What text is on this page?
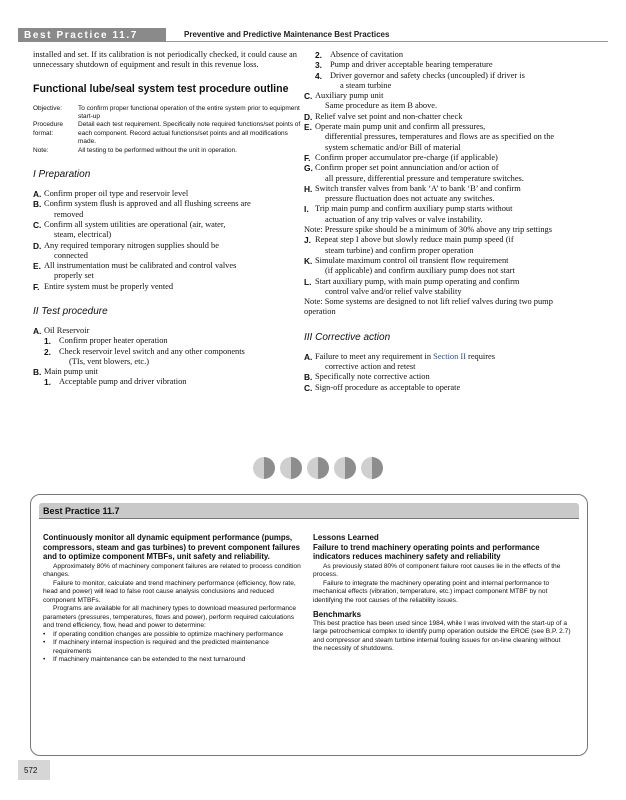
Best Practice 11.7	Preventive and Predictive Maintenance Best Practices

installed and set. If its calibration is not periodically checked, it could cause an unnecessary shutdown of equipment and result in this revenue loss.

Functional lube/seal system test procedure outline
Objective:	To confirm proper functional operation of the entire system prior to equipment start-up
Procedure format:
Detail each test requirement. Specifically note required functions/set points of each component. Record actual functions/set points and all modifications made.
Note:	All testing to be performed without the unit in operation.
I Preparation
A. Confirm proper oil type and reservoir level
B. Confirm system flush is approved and all flushing screens are
removed
C. Confirm all system utilities are operational (air, water,
steam, electrical)
D. Any required temporary nitrogen supplies should be
connected
E. All instrumentation must be calibrated and control valves
properly set
F. Entire system must be properly vented
II Test procedure
A. Oil Reservoir
1. Confirm proper heater operation
2. Check reservoir level switch and any other components
(TIs, vent blowers, etc.)
B. Main pump unit
1. Acceptable pump and driver vibration
2. Absence of cavitation
3. Pump and driver acceptable bearing temperature
4. Driver governor and safety checks (uncoupled) if driver is
a steam turbine
C. Auxiliary pump unit
Same procedure as item B above.
D. Relief valve set point and non-chatter check
E. Operate main pump unit and confirm all pressures,
differential pressures, temperatures and flows are as specified on the system schematic and/or Bill of material
F. Confirm proper accumulator pre-charge (if applicable)
G. Confirm proper set point annunciation and/or action of
all pressure, differential pressure and temperature switches.
H. Switch transfer valves from bank ‘A’ to bank ‘B’ and confirm
pressure fluctuation does not actuate any switches.
I. Trip main pump and confirm auxiliary pump starts without
actuation of any trip valves or valve instability.

Note: Pressure spike should be a minimum of 30% above any trip settings

J. Repeat step I above but slowly reduce main pump speed (if
steam turbine) and confirm proper operation
K. Simulate maximum control oil transient flow requirement
(if applicable) and confirm auxiliary pump does not start
L. Start auxiliary pump, with main pump operating and confirm
control valve and/or relief valve stability

Note: Some systems are designed to not lift relief valves during two pump operation

III Corrective action
A. Failure to meet any requirement in Section II requires
corrective action and retest
B. Specifically note corrective action
C. Sign-off procedure as acceptable to operate
Best Practice 11.7

Continuously monitor all dynamic equipment performance (pumps, compressors, steam and gas turbines) to prevent component failures and to optimize component MTBFs, unit safety and reliability.

Approximately 80% of machinery component failures are related to process condition changes.

Failure to monitor, calculate and trend machinery performance (efficiency, flow rate, head and power) will lead to false root cause analysis conclusions and reduced component MTBFs.

Programs are available for all machinery types to download measured performance parameters (pressures, temperatures, flows and power), perform required calculations and trend efficiency, flow, head and power to determine:

•	If operating condition changes are possible to optimize machinery performance
•	If machinery internal inspection is required and the predicted maintenance requirements
•	If machinery maintenance can be extended to the next turnaround

Lessons Learned

Failure to trend machinery operating points and performance indicators reduces machinery safety and reliability

As previously stated 80% of component failure root causes lie in the effects of the process.

Failure to integrate the machinery operating point and internal performance to mechanical effects (vibration, temperature, etc.) impact component MTBF by not identifying the root causes of the reliability issues.

Benchmarks

This best practice has been used since 1984, while I was involved with the start-up of a large petrochemical complex to identify pump operation outside the EROE (see B.P. 2.7) and compressor and steam turbine internal fouling issues for on-line cleaning without the necessity of shutdowns.

572
